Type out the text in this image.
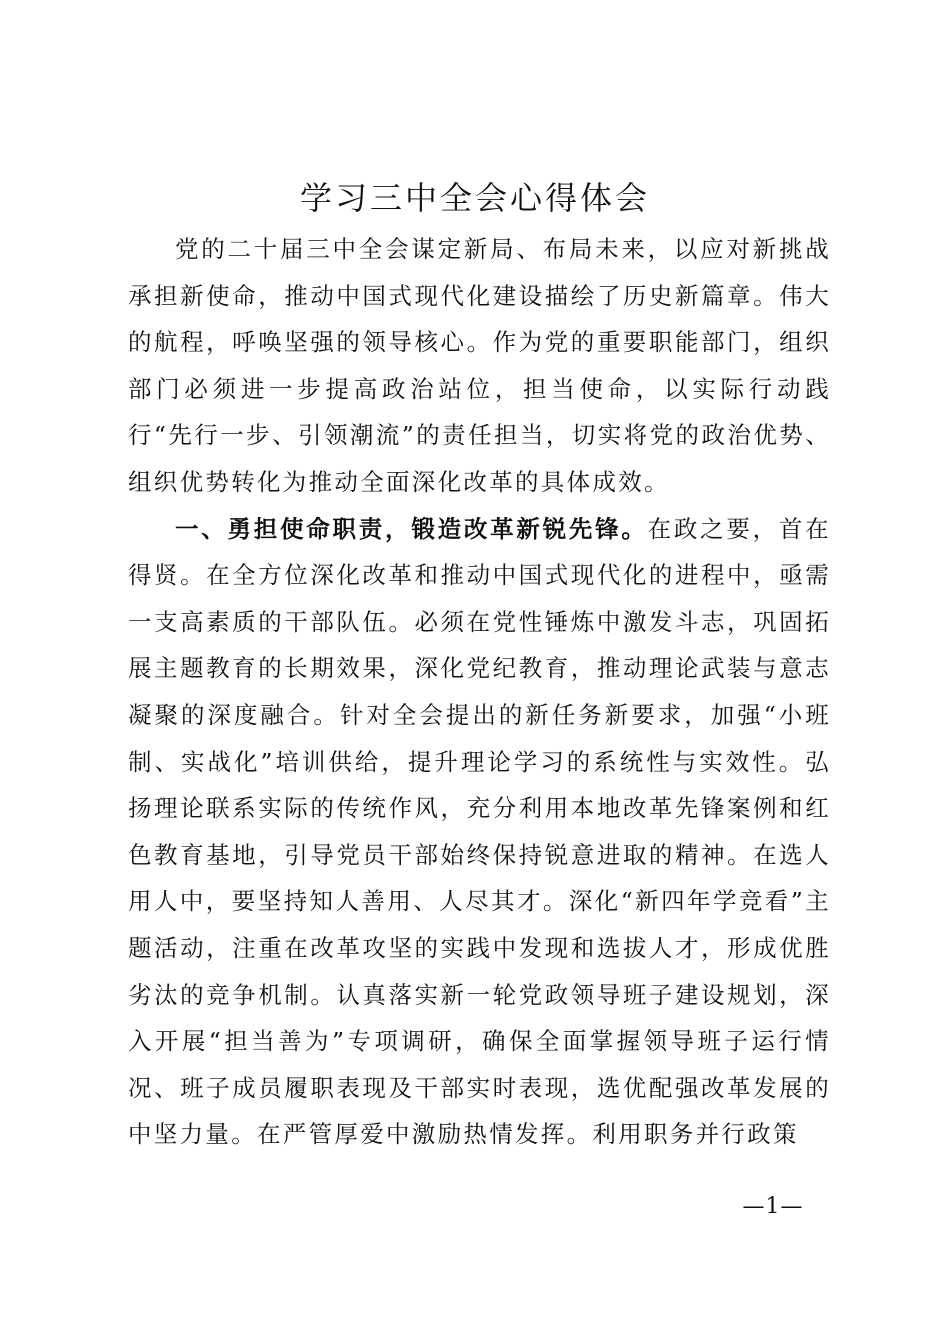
学习三中全会心得体会

党的二十届三中全会谋定新局、布局未来，以应对新挑战承担新使命，推动中国式现代化建设描绘了历史新篇章。伟大的航程，呼唤坚强的领导核心。作为党的重要职能部门，组织部门必须进一步提高政治站位，担当使命，以实际行动践行“先行一步、引领潮流”的责任担当，切实将党的政治优势、组织优势转化为推动全面深化改革的具体成效。

一、勇担使命职责，锻造改革新锐先锋。在政之要，首在得贤。在全方位深化改革和推动中国式现代化的进程中，亟需一支高素质的干部队伍。必须在党性锤炼中激发斗志，巩固拓展主题教育的长期效果，深化党纪教育，推动理论武装与意志凝聚的深度融合。针对全会提出的新任务新要求，加强“小班制、实战化”培训供给，提升理论学习的系统性与实效性。弘扬理论联系实际的传统作风，充分利用本地改革先锋案例和红色教育基地，引导党员干部始终保持锐意进取的精神。在选人用人中，要坚持知人善用、人尽其才。深化“新四年学竞看”主题活动，注重在改革攻坚的实践中发现和选拔人才，形成优胜劣汰的竞争机制。认真落实新一轮党政领导班子建设规划，深入开展“担当善为”专项调研，确保全面掌握领导班子运行情况、班子成员履职表现及干部实时表现，选优配强改革发展的中坚力量。在严管厚爱中激励热情发挥。利用职务并行政策

—1—
